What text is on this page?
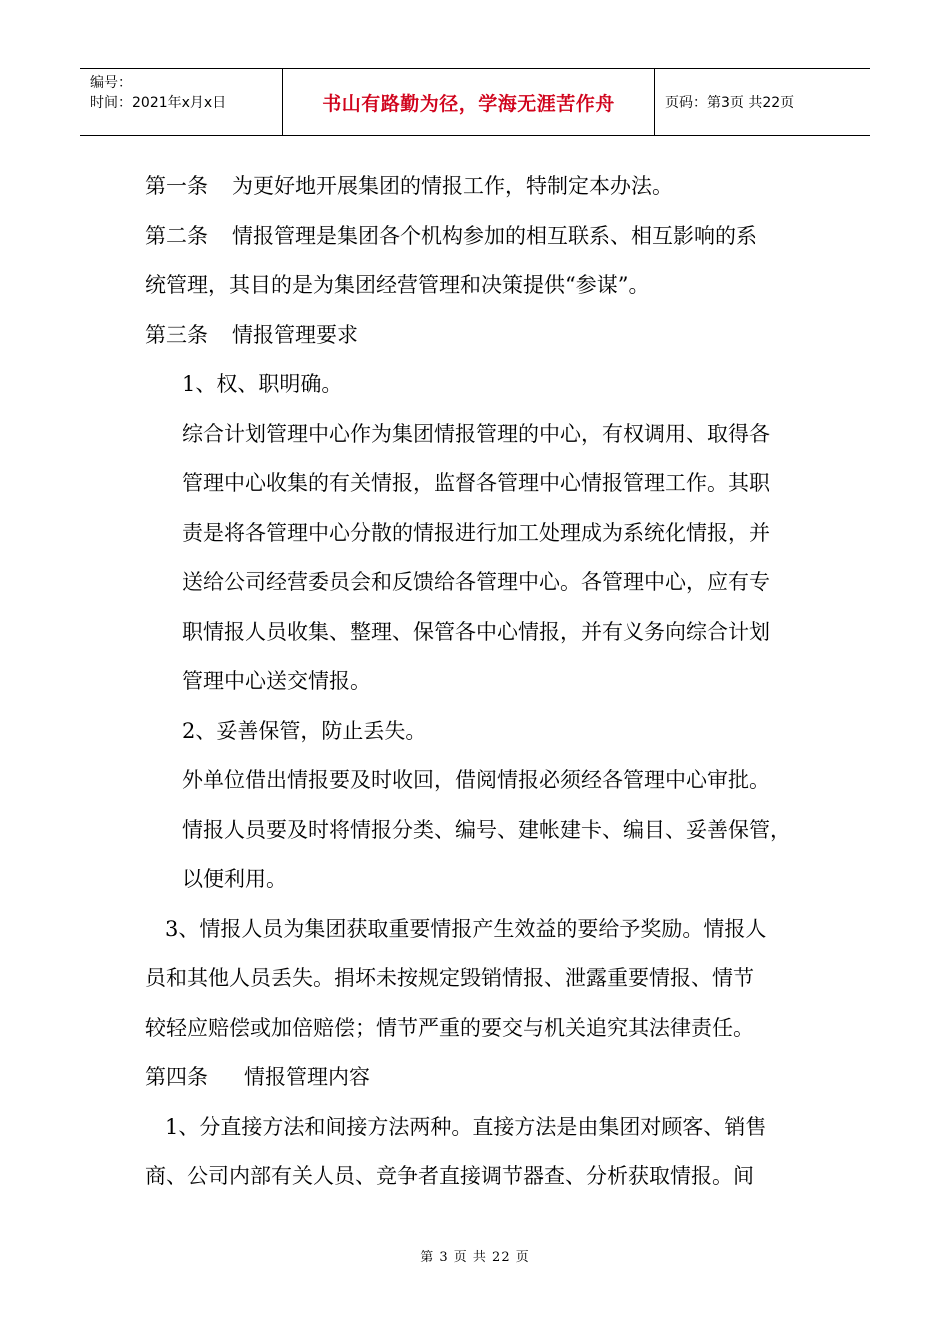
编号：
时间：2021年x月x日	书山有路勤为径，学海无涯苦作舟	页码：第3页 共22页
第一条 为更好地开展集团的情报工作，特制定本办法。
第二条 情报管理是集团各个机构参加的相互联系、相互影响的系
统管理，其目的是为集团经营管理和决策提供“参谋”。
第三条 情报管理要求
1、权、职明确。
综合计划管理中心作为集团情报管理的中心，有权调用、取得各
管理中心收集的有关情报，监督各管理中心情报管理工作。其职
责是将各管理中心分散的情报进行加工处理成为系统化情报，并
送给公司经营委员会和反馈给各管理中心。各管理中心，应有专
职情报人员收集、整理、保管各中心情报，并有义务向综合计划
管理中心送交情报。
2、妥善保管，防止丢失。
外单位借出情报要及时收回，借阅情报必须经各管理中心审批。
情报人员要及时将情报分类、编号、建帐建卡、编目、妥善保管，
以便利用。
3、情报人员为集团获取重要情报产生效益的要给予奖励。情报人
员和其他人员丢失。捐坏未按规定毁销情报、泄露重要情报、情节
较轻应赔偿或加倍赔偿；情节严重的要交与机关追究其法律责任。
第四条 情报管理内容
1、分直接方法和间接方法两种。直接方法是由集团对顾客、销售
商、公司内部有关人员、竞争者直接调节器查、分析获取情报。间
第 3 页 共 22 页
